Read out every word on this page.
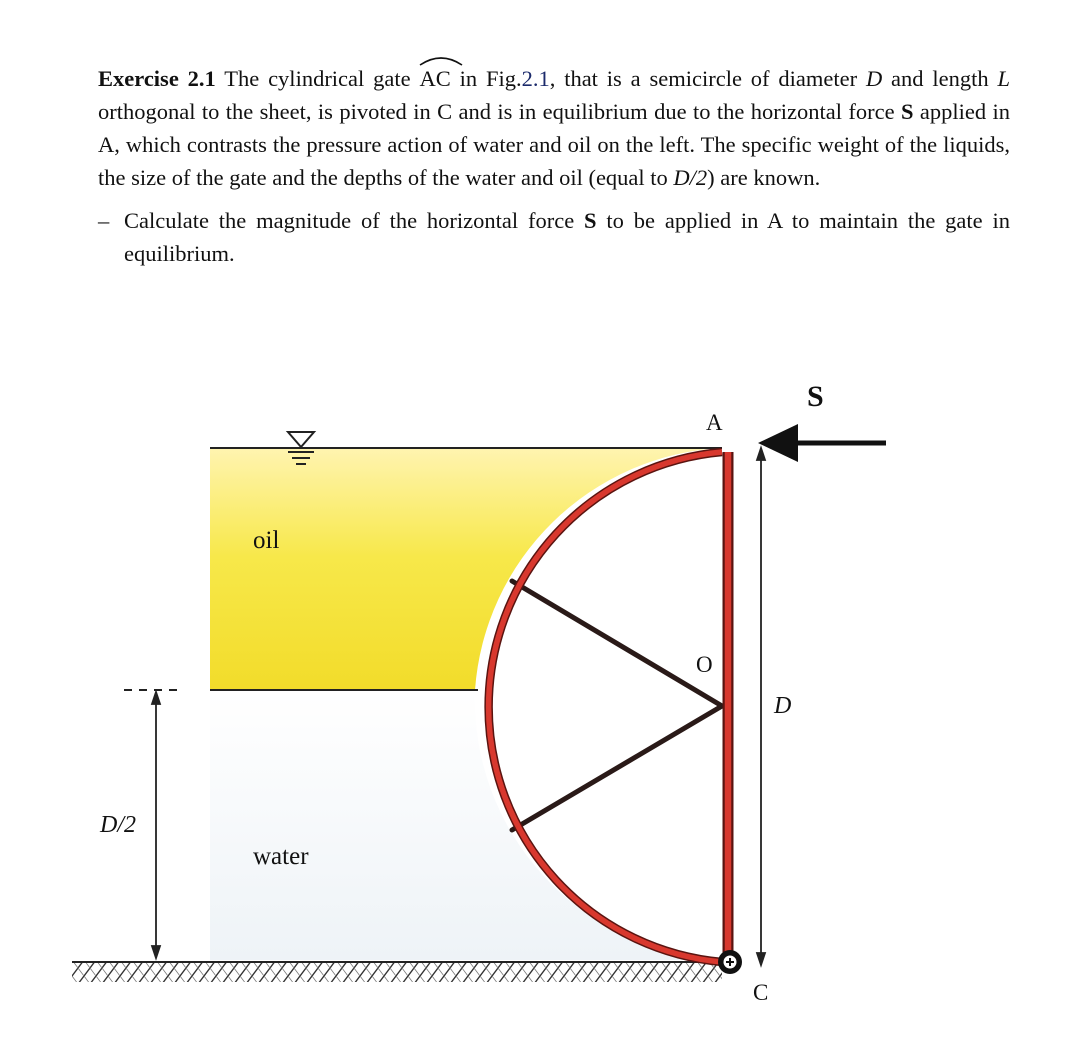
Exercise 2.1 The cylindrical gate
AC in Fig.2.1, that is a semicircle of diameter D and length L orthogonal to the sheet, is pivoted in C and is in equilibrium due to the horizontal force S applied in A, which contrasts the pressure action of water and oil on the left. The specific weight of the liquids, the size of the gate and the depths of the water and oil (equal to D/2) are known.

– Calculate the magnitude of the horizontal force S to be applied in A to maintain the gate in equilibrium.
oil
water
A
O
C
S
D
D/2
